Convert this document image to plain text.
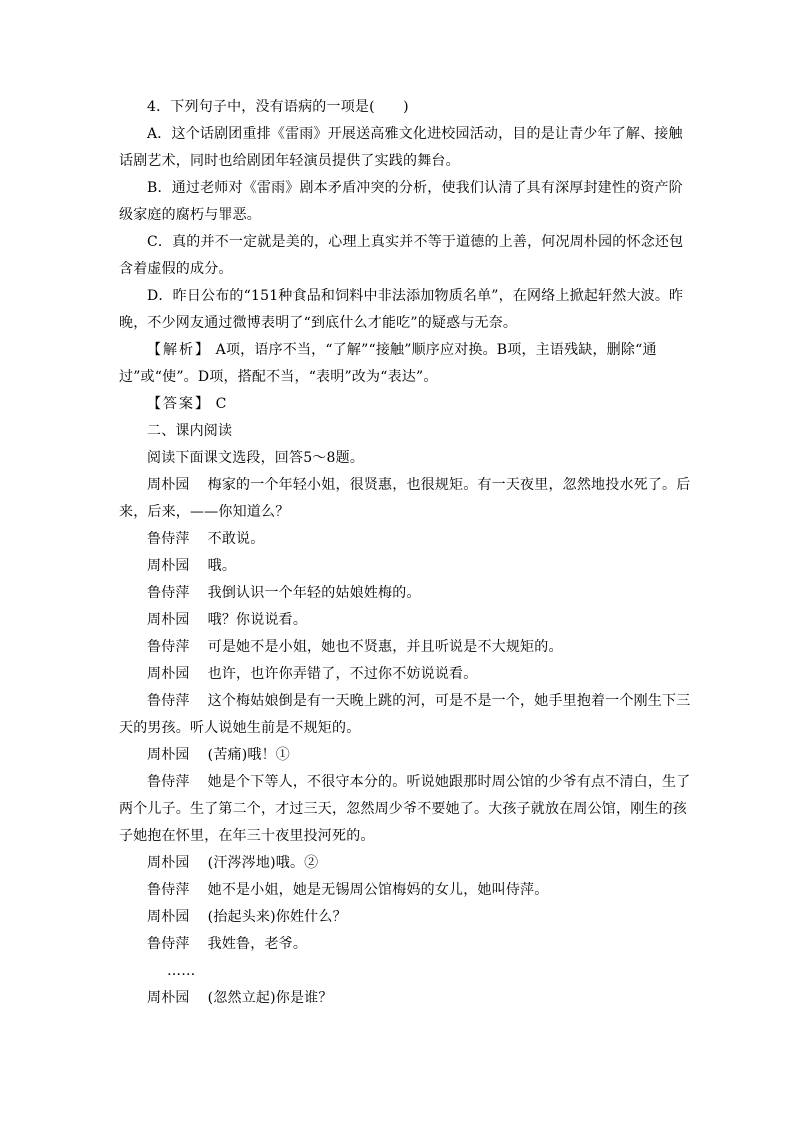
4．下列句子中，没有语病的一项是(　　)
A．这个话剧团重排《雷雨》开展送高雅文化进校园活动，目的是让青少年了解、接触
话剧艺术，同时也给剧团年轻演员提供了实践的舞台。
B．通过老师对《雷雨》剧本矛盾冲突的分析，使我们认清了具有深厚封建性的资产阶
级家庭的腐朽与罪恶。
C．真的并不一定就是美的，心理上真实并不等于道德的上善，何况周朴园的怀念还包
含着虚假的成分。
D．昨日公布的“151种食品和饲料中非法添加物质名单”，在网络上掀起轩然大波。昨
晚，不少网友通过微博表明了“到底什么才能吃”的疑惑与无奈。
【解析】 A项，语序不当，“了解”“接触”顺序应对换。B项，主语残缺，删除“通
过”或“使”。D项，搭配不当，“表明”改为“表达”。
【答案】 C
二、课内阅读
阅读下面课文选段，回答5～8题。
周朴园 梅家的一个年轻小姐，很贤惠，也很规矩。有一天夜里，忽然地投水死了。后
来，后来，——你知道么？
鲁侍萍 不敢说。
周朴园 哦。
鲁侍萍 我倒认识一个年轻的姑娘姓梅的。
周朴园 哦？你说说看。
鲁侍萍 可是她不是小姐，她也不贤惠，并且听说是不大规矩的。
周朴园 也许，也许你弄错了，不过你不妨说说看。
鲁侍萍 这个梅姑娘倒是有一天晚上跳的河，可是不是一个，她手里抱着一个刚生下三
天的男孩。听人说她生前是不规矩的。
周朴园 (苦痛)哦！①
鲁侍萍 她是个下等人，不很守本分的。听说她跟那时周公馆的少爷有点不清白，生了
两个儿子。生了第二个，才过三天，忽然周少爷不要她了。大孩子就放在周公馆，刚生的孩
子她抱在怀里，在年三十夜里投河死的。
周朴园 (汗涔涔地)哦。②
鲁侍萍 她不是小姐，她是无锡周公馆梅妈的女儿，她叫侍萍。
周朴园 (抬起头来)你姓什么？
鲁侍萍 我姓鲁，老爷。
……
周朴园 (忽然立起)你是谁？
